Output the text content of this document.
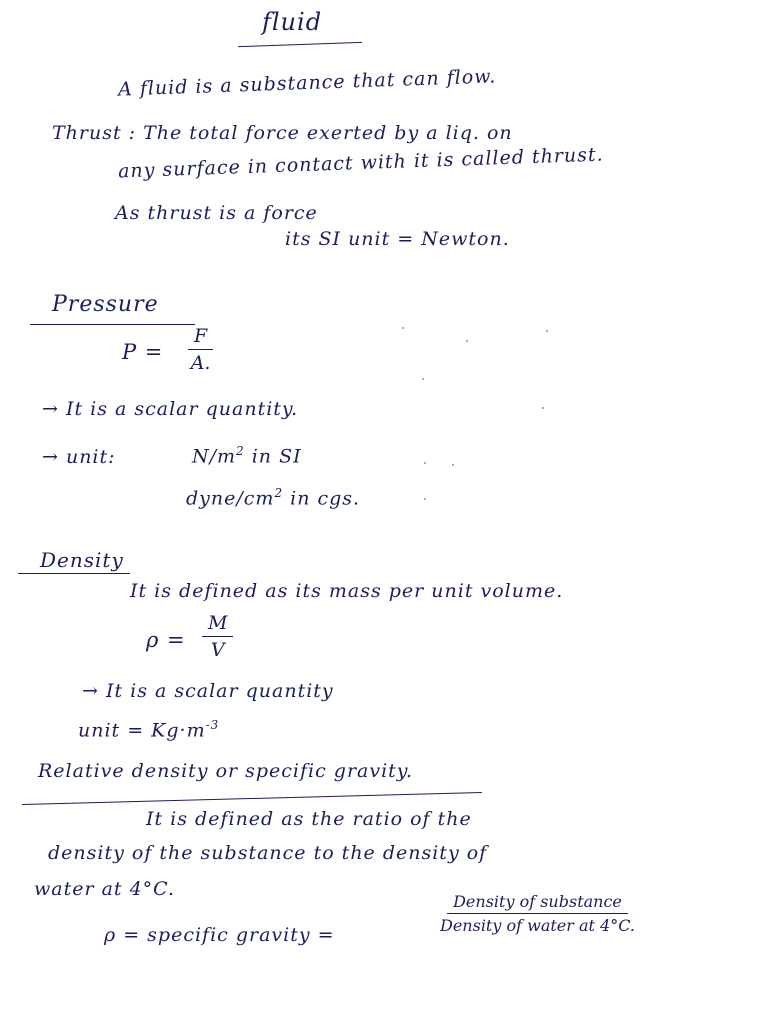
fluid
A fluid is a substance that can flow.
Thrust : The total force exerted by a liq. on
any surface in contact with it is called thrust.
As thrust is a force
its SI unit = Newton.
Pressure
$P = \frac{F}{A.}$
→ It is a scalar quantity.
→ unit:	$N/m^2$ in SI
dyne/$cm^2$ in cgs.
Density
It is defined as its mass per unit volume.
$\rho = \frac{M}{V}$
→ It is a scalar quantity
unit = $Kg\cdot m^{-3}$
Relative density or specific gravity.
It is defined as the ratio of the
density of the substance to the density of
water at 4°C.
ρ = specific gravity =
Density of substance
Density of water at 4°C.
